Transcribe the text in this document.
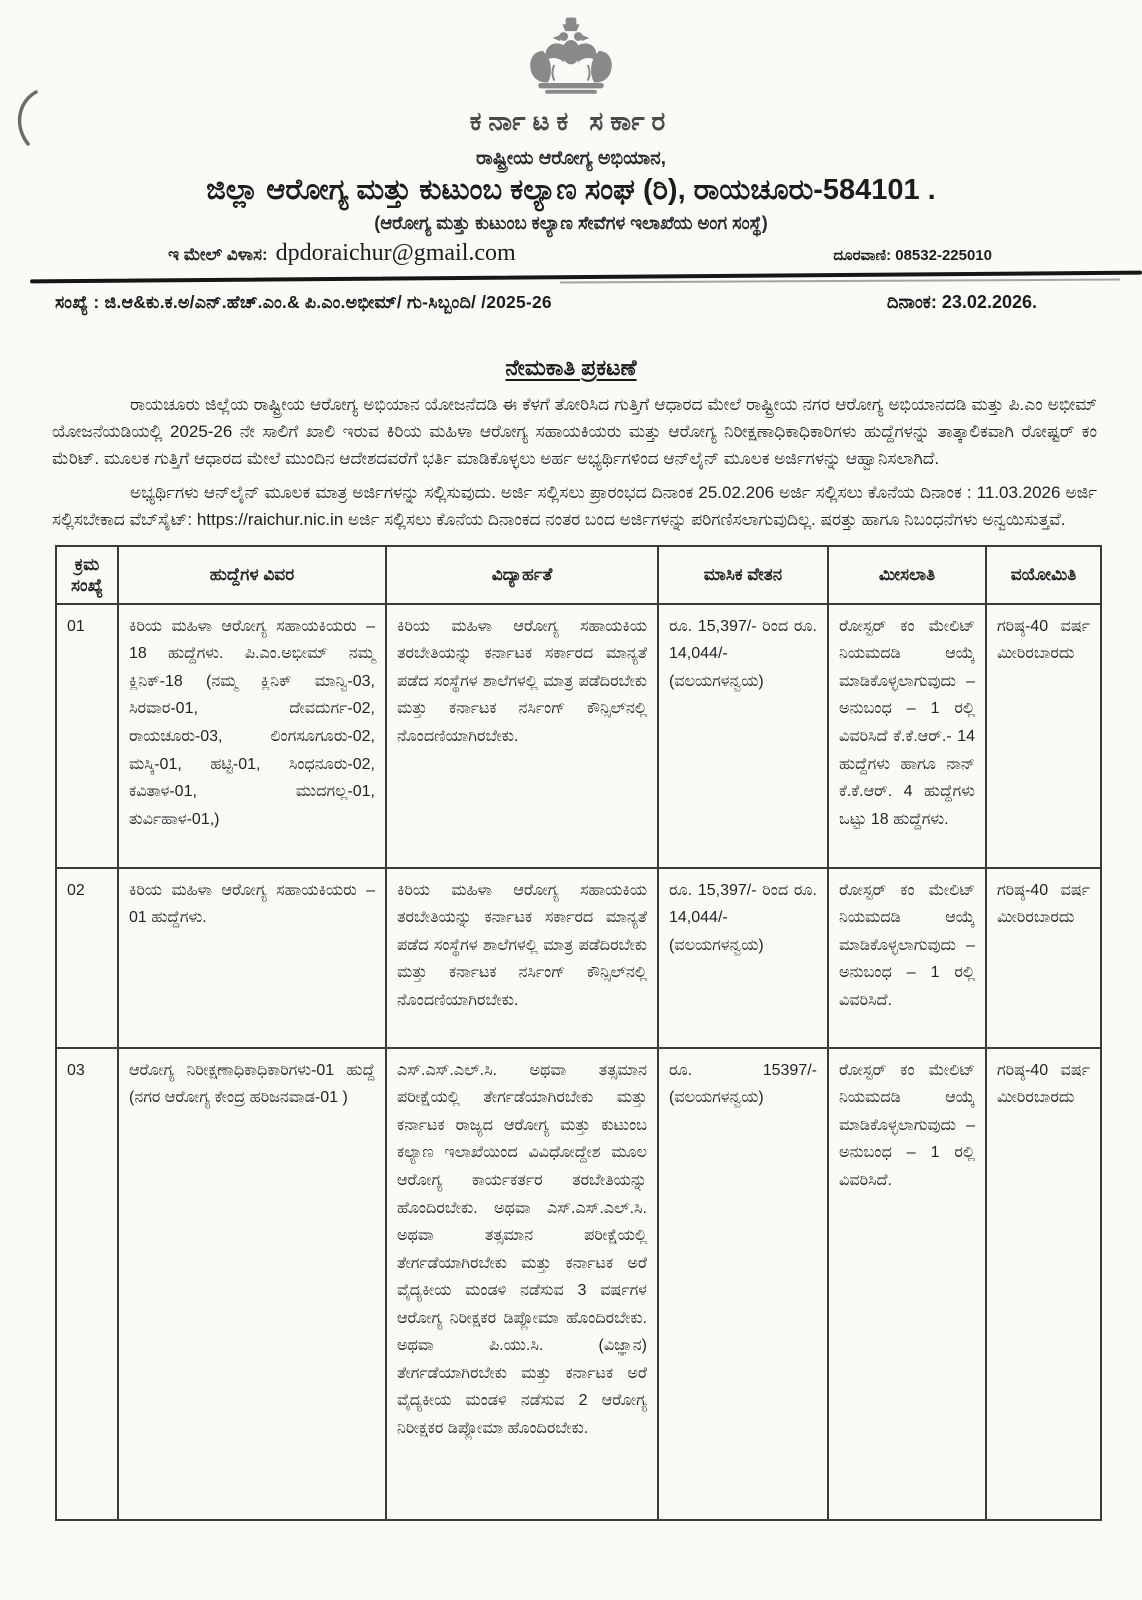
ಕರ್ನಾಟಕ ಸರ್ಕಾರ
ರಾಷ್ಟ್ರೀಯ ಆರೋಗ್ಯ ಅಭಿಯಾನ,
ಜಿಲ್ಲಾ ಆರೋಗ್ಯ ಮತ್ತು ಕುಟುಂಬ ಕಲ್ಯಾಣ ಸಂಘ (ರಿ), ರಾಯಚೂರು-584101 .
(ಆರೋಗ್ಯ ಮತ್ತು ಕುಟುಂಬ ಕಲ್ಯಾಣ ಸೇವೆಗಳ ಇಲಾಖೆಯ ಅಂಗ ಸಂಸ್ಥೆ)
ಇ ಮೇಲ್ ವಿಳಾಸ: dpdoraichur@gmail.com	ದೂರವಾಣಿ: 08532-225010
ಸಂಖ್ಯೆ : ಜಿ.ಆ&ಕು.ಕ.ಅ/ಎನ್.ಹೆಚ್.ಎಂ.& ಪಿ.ಎಂ.ಅಭೀಮ್/ ಗು-ಸಿಬ್ಬಂದಿ/ /2025-26	ದಿನಾಂಕ: 23.02.2026.
ನೇಮಕಾತಿ ಪ್ರಕಟಣೆ

ರಾಯಚೂರು ಜಿಲ್ಲೆಯ ರಾಷ್ಟ್ರೀಯ ಆರೋಗ್ಯ ಅಭಿಯಾನ ಯೋಜನೆದಡಿ ಈ ಕೆಳಗೆ ತೋರಿಸಿದ ಗುತ್ತಿಗೆ ಆಧಾರದ ಮೇಲೆ ರಾಷ್ಟ್ರೀಯ ನಗರ ಆರೋಗ್ಯ ಅಭಿಯಾನದಡಿ ಮತ್ತು ಪಿ.ಎಂ ಅಭೀಮ್ ಯೋಜನೆಯಡಿಯಲ್ಲಿ 2025-26 ನೇ ಸಾಲಿಗೆ ಖಾಲಿ ಇರುವ ಕಿರಿಯ ಮಹಿಳಾ ಆರೋಗ್ಯ ಸಹಾಯಕಿಯರು ಮತ್ತು ಆರೋಗ್ಯ ನಿರೀಕ್ಷಣಾಧಿಕಾಧಿಕಾರಿಗಳು ಹುದ್ದೆಗಳನ್ನು ತಾತ್ಕಾಲಿಕವಾಗಿ ರೋಷ್ಟರ್ ಕಂ ಮೆರಿಟ್. ಮೂಲಕ ಗುತ್ತಿಗೆ ಆಧಾರದ ಮೇಲೆ ಮುಂದಿನ ಆದೇಶದವರೆಗೆ ಭರ್ತಿ ಮಾಡಿಕೊಳ್ಳಲು ಅರ್ಹ ಅಭ್ಯರ್ಥಿಗಳಿಂದ ಆನ್‌ಲೈನ್ ಮೂಲಕ ಅರ್ಜಿಗಳನ್ನು ಆಹ್ವಾನಿಸಲಾಗಿದೆ.

ಅಭ್ಯರ್ಥಿಗಳು ಆನ್‌ಲೈನ್ ಮೂಲಕ ಮಾತ್ರ ಅರ್ಜಿಗಳನ್ನು ಸಲ್ಲಿಸುವುದು. ಅರ್ಜಿ ಸಲ್ಲಿಸಲು ಪ್ರಾರಂಭದ ದಿನಾಂಕ 25.02.206 ಅರ್ಜಿ ಸಲ್ಲಿಸಲು ಕೊನೆಯ ದಿನಾಂಕ : 11.03.2026 ಅರ್ಜಿ ಸಲ್ಲಿಸಬೇಕಾದ ವೆಬ್‌ಸೈಟ್: https://raichur.nic.in ಅರ್ಜಿ ಸಲ್ಲಿಸಲು ಕೊನೆಯ ದಿನಾಂಕದ ನಂತರ ಬಂದ ಅರ್ಜಿಗಳನ್ನು ಪರಿಗಣಿಸಲಾಗುವುದಿಲ್ಲ. ಷರತ್ತು ಹಾಗೂ ನಿಬಂಧನೆಗಳು ಅನ್ವಯಿಸುತ್ತವೆ.

ಕ್ರಮ ಸಂಖ್ಯೆ	ಹುದ್ದೆಗಳ ವಿವರ	ವಿದ್ಯಾರ್ಹತೆ	ಮಾಸಿಕ ವೇತನ	ಮೀಸಲಾತಿ	ವಯೋಮಿತಿ
01	ಕಿರಿಯ ಮಹಿಳಾ ಆರೋಗ್ಯ ಸಹಾಯಕಿಯರು – 18 ಹುದ್ದೆಗಳು. ಪಿ.ಎಂ.ಅಭೀಮ್ ನಮ್ಮ ಕ್ಲಿನಿಕ್-18 (ನಮ್ಮ ಕ್ಲಿನಿಕ್ ಮಾನ್ವಿ-03, ಸಿರವಾರ-01, ದೇವದುರ್ಗ-02, ರಾಯಚೂರು-03, ಲಿಂಗಸೂಗೂರು-02, ಮಸ್ಕಿ-01, ಹಟ್ಟಿ-01, ಸಿಂಧನೂರು-02, ಕವಿತಾಳ-01, ಮುದಗಲ್ಲ-01, ತುರ್ವಿಹಾಳ-01,)	ಕಿರಿಯ ಮಹಿಳಾ ಆರೋಗ್ಯ ಸಹಾಯಕಿಯ ತರಬೇತಿಯನ್ನು ಕರ್ನಾಟಕ ಸರ್ಕಾರದ ಮಾನ್ಯತೆ ಪಡೆದ ಸಂಸ್ಥೆಗಳ ಶಾಲೆಗಳಲ್ಲಿ ಮಾತ್ರ ಪಡೆದಿರಬೇಕು ಮತ್ತು ಕರ್ನಾಟಕ ನರ್ಸಿಂಗ್ ಕೌನ್ಸಿಲ್‌ನಲ್ಲಿ ನೊಂದಣಿಯಾಗಿರಬೇಕು.	ರೂ. 15,397/- ರಿಂದ ರೂ. 14,044/- (ವಲಯಗಳನ್ವಯ)	ರೋಸ್ಟರ್ ಕಂ ಮೇಲಿಟ್ ನಿಯಮದಡಿ ಆಯ್ಕೆ ಮಾಡಿಕೊಳ್ಳಲಾಗುವುದು – ಅನುಬಂಧ – 1 ರಲ್ಲಿ ವಿವರಿಸಿದೆ ಕೆ.ಕೆ.ಆರ್.- 14 ಹುದ್ದೆಗಳು ಹಾಗೂ ನಾನ್ ಕೆ.ಕೆ.ಆರ್. 4 ಹುದ್ದೆಗಳು ಒಟ್ಟು 18 ಹುದ್ದೆಗಳು.	ಗರಿಷ್ಠ-40 ವರ್ಷ ಮೀರಿರಬಾರದು
02	ಕಿರಿಯ ಮಹಿಳಾ ಆರೋಗ್ಯ ಸಹಾಯಕಿಯರು – 01 ಹುದ್ದೆಗಳು.	ಕಿರಿಯ ಮಹಿಳಾ ಆರೋಗ್ಯ ಸಹಾಯಕಿಯ ತರಬೇತಿಯನ್ನು ಕರ್ನಾಟಕ ಸರ್ಕಾರದ ಮಾನ್ಯತೆ ಪಡೆದ ಸಂಸ್ಥೆಗಳ ಶಾಲೆಗಳಲ್ಲಿ ಮಾತ್ರ ಪಡೆದಿರಬೇಕು ಮತ್ತು ಕರ್ನಾಟಕ ನರ್ಸಿಂಗ್ ಕೌನ್ಸಿಲ್‌ನಲ್ಲಿ ನೊಂದಣಿಯಾಗಿರಬೇಕು.	ರೂ. 15,397/- ರಿಂದ ರೂ. 14,044/- (ವಲಯಗಳನ್ವಯ)	ರೋಸ್ಟರ್ ಕಂ ಮೇಲಿಟ್ ನಿಯಮದಡಿ ಆಯ್ಕೆ ಮಾಡಿಕೊಳ್ಳಲಾಗುವುದು – ಅನುಬಂಧ – 1 ರಲ್ಲಿ ವಿವರಿಸಿದೆ.	ಗರಿಷ್ಠ-40 ವರ್ಷ ಮೀರಿರಬಾರದು
03	ಆರೋಗ್ಯ ನಿರೀಕ್ಷಣಾಧಿಕಾಧಿಕಾರಿಗಳು-01 ಹುದ್ದೆ (ನಗರ ಆರೋಗ್ಯ ಕೇಂದ್ರ ಹರಿಜನವಾಡ-01 )	ಎಸ್.ಎಸ್.ಎಲ್.ಸಿ. ಅಥವಾ ತತ್ಸಮಾನ ಪರೀಕ್ಷೆಯಲ್ಲಿ ತೇರ್ಗಡೆಯಾಗಿರಬೇಕು ಮತ್ತು ಕರ್ನಾಟಕ ರಾಜ್ಯದ ಆರೋಗ್ಯ ಮತ್ತು ಕುಟುಂಬ ಕಲ್ಯಾಣ ಇಲಾಖೆಯಿಂದ ವಿವಿಧೋದ್ದೇಶ ಮೂಲ ಆರೋಗ್ಯ ಕಾರ್ಯಕರ್ತರ ತರಬೇತಿಯನ್ನು ಹೊಂದಿರಬೇಕು. ಅಥವಾ ಎಸ್.ಎಸ್.ಎಲ್.ಸಿ. ಅಥವಾ ತತ್ಸಮಾನ ಪರೀಕ್ಷೆಯಲ್ಲಿ ತೇರ್ಗಡೆಯಾಗಿರಬೇಕು ಮತ್ತು ಕರ್ನಾಟಕ ಅರೆ ವೈದ್ಯಕೀಯ ಮಂಡಳಿ ನಡೆಸುವ 3 ವರ್ಷಗಳ ಆರೋಗ್ಯ ನಿರೀಕ್ಷಕರ ಡಿಪ್ಲೋಮಾ ಹೊಂದಿರಬೇಕು. ಅಥವಾ ಪಿ.ಯು.ಸಿ. (ವಿಜ್ಞಾನ) ತೇರ್ಗಡೆಯಾಗಿರಬೇಕು ಮತ್ತು ಕರ್ನಾಟಕ ಅರೆ ವೈದ್ಯಕೀಯ ಮಂಡಳಿ ನಡೆಸುವ 2 ಆರೋಗ್ಯ ನಿರೀಕ್ಷಕರ ಡಿಪ್ಲೋಮಾ ಹೊಂದಿರಬೇಕು.	ರೂ. 15397/- (ವಲಯಗಳನ್ವಯ)	ರೋಸ್ಟರ್ ಕಂ ಮೇಲಿಟ್ ನಿಯಮದಡಿ ಆಯ್ಕೆ ಮಾಡಿಕೊಳ್ಳಲಾಗುವುದು – ಅನುಬಂಧ – 1 ರಲ್ಲಿ ವಿವರಿಸಿದೆ.	ಗರಿಷ್ಠ-40 ವರ್ಷ ಮೀರಿರಬಾರದು
